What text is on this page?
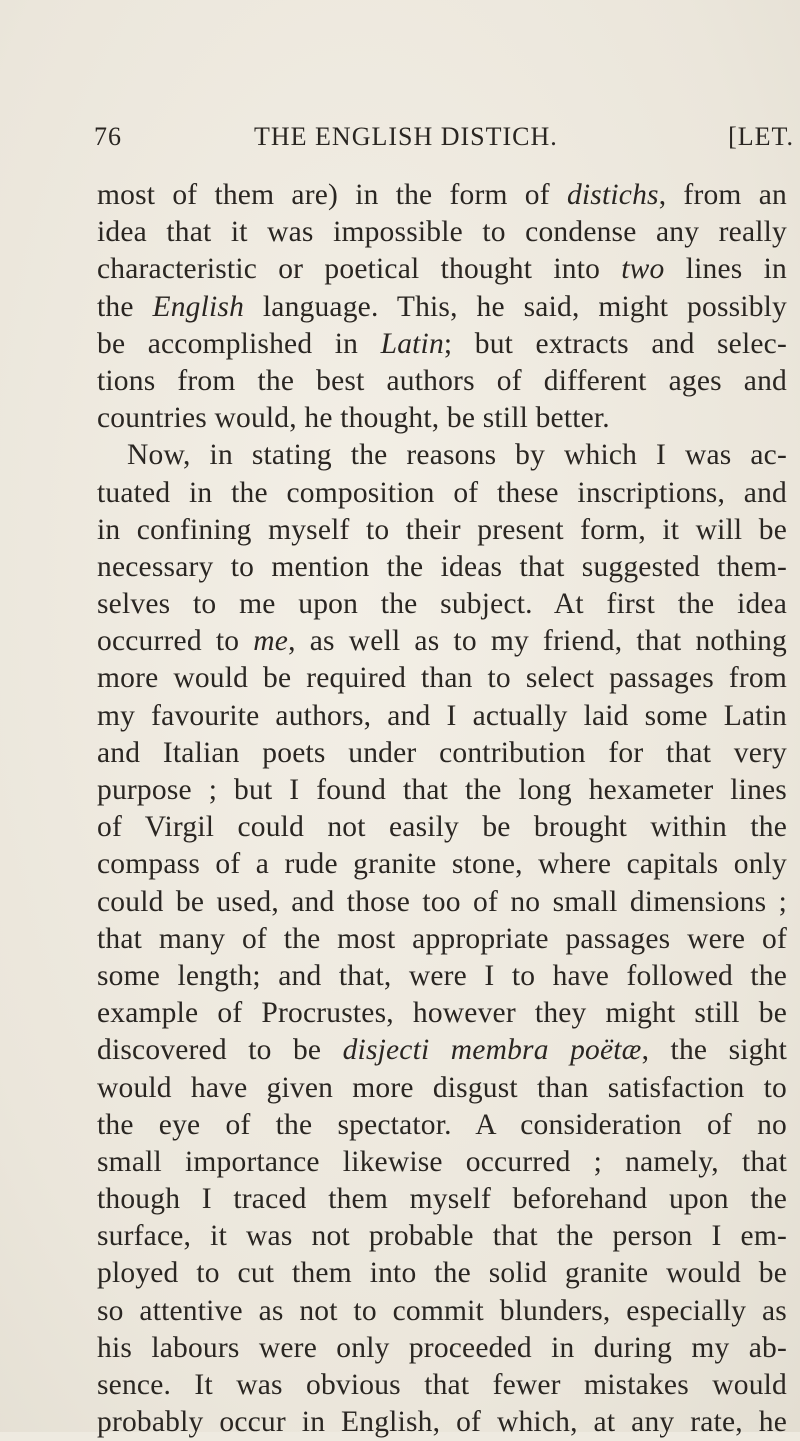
76	THE ENGLISH DISTICH.	[LET.
most of them are) in the form of distichs, from an
idea that it was impossible to condense any really
characteristic or poetical thought into two lines in
the English language. This, he said, might possibly
be accomplished in Latin; but extracts and selec-
tions from the best authors of different ages and
countries would, he thought, be still better.
Now, in stating the reasons by which I was ac-
tuated in the composition of these inscriptions, and
in confining myself to their present form, it will be
necessary to mention the ideas that suggested them-
selves to me upon the subject. At first the idea
occurred to me, as well as to my friend, that nothing
more would be required than to select passages from
my favourite authors, and I actually laid some Latin
and Italian poets under contribution for that very
purpose ; but I found that the long hexameter lines
of Virgil could not easily be brought within the
compass of a rude granite stone, where capitals only
could be used, and those too of no small dimensions ;
that many of the most appropriate passages were of
some length; and that, were I to have followed the
example of Procrustes, however they might still be
discovered to be disjecti membra poëtæ, the sight
would have given more disgust than satisfaction to
the eye of the spectator. A consideration of no
small importance likewise occurred ; namely, that
though I traced them myself beforehand upon the
surface, it was not probable that the person I em-
ployed to cut them into the solid granite would be
so attentive as not to commit blunders, especially as
his labours were only proceeded in during my ab-
sence. It was obvious that fewer mistakes would
probably occur in English, of which, at any rate, he
